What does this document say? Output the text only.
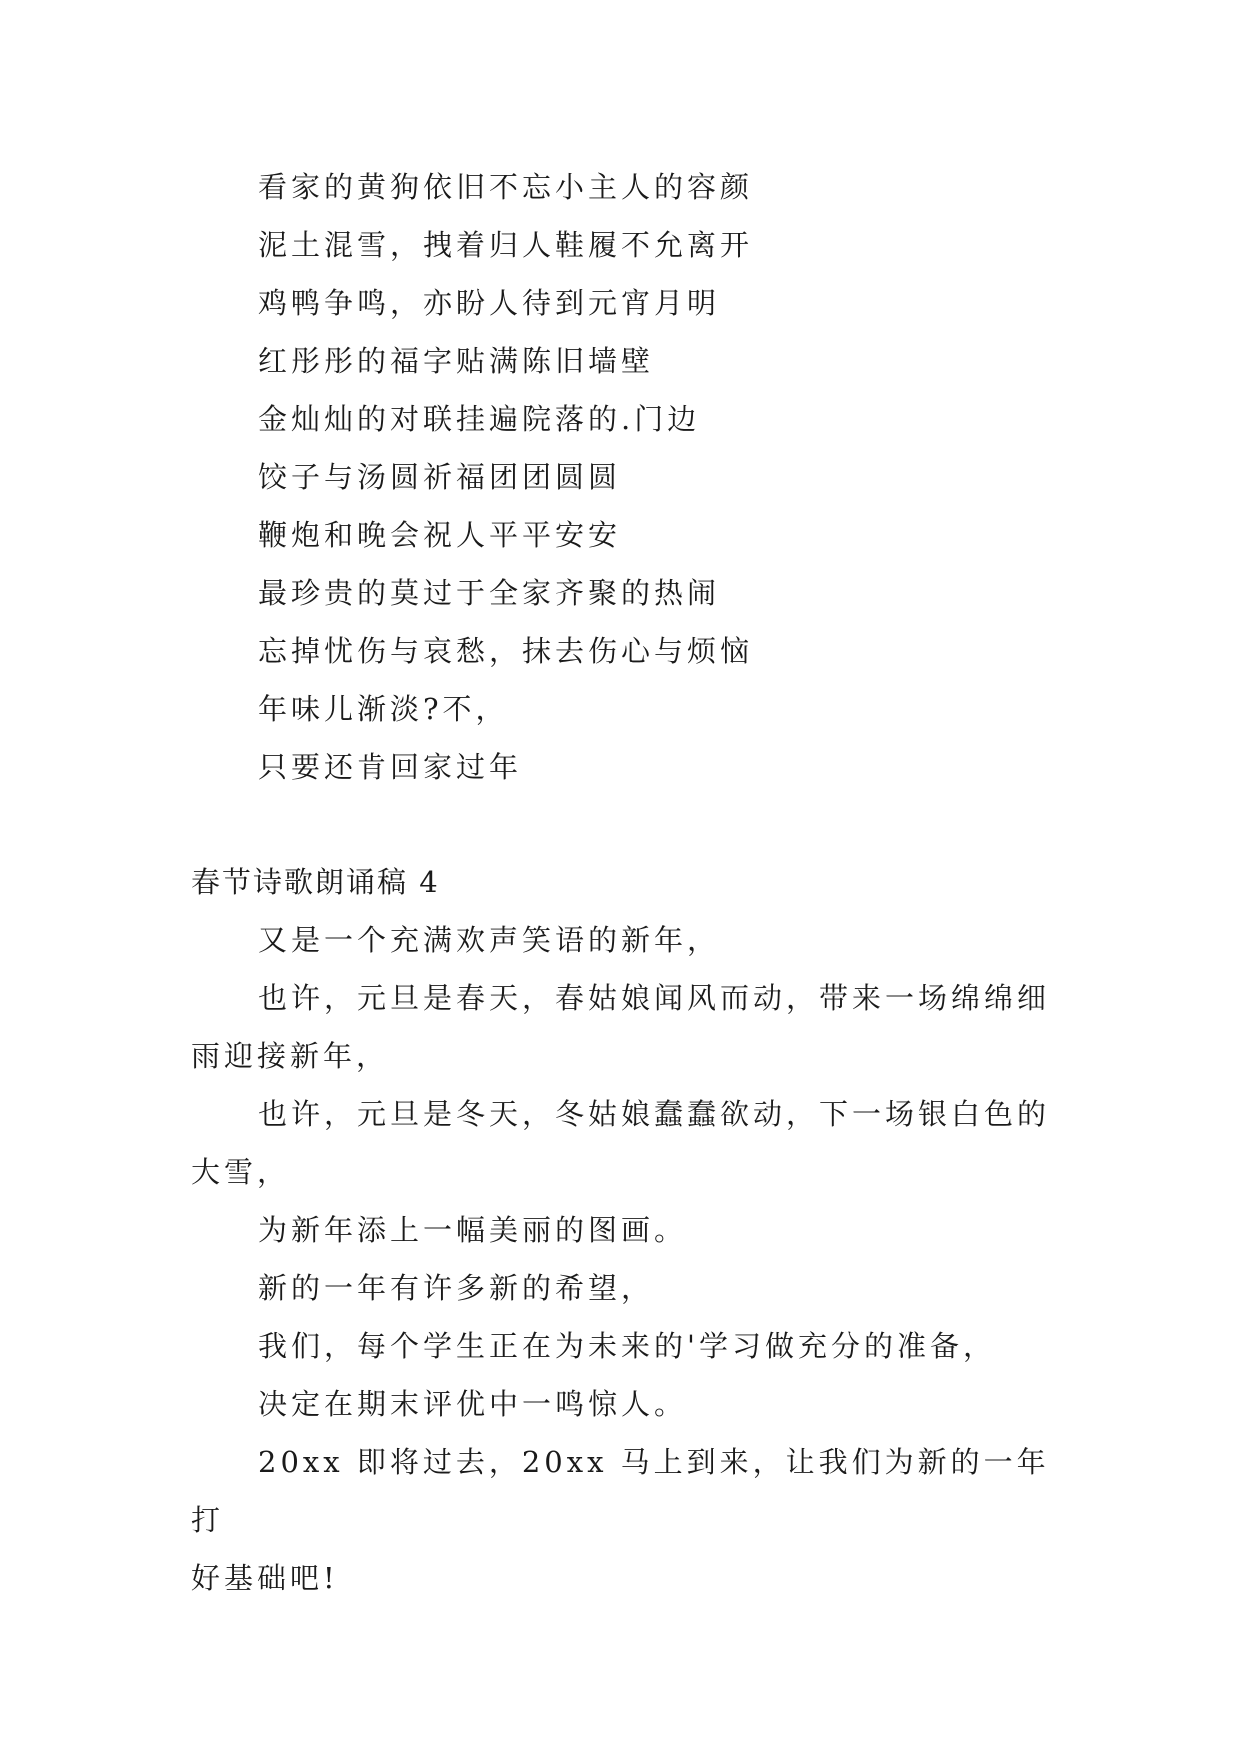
看家的黄狗依旧不忘小主人的容颜
泥土混雪，拽着归人鞋履不允离开
鸡鸭争鸣，亦盼人待到元宵月明
红彤彤的福字贴满陈旧墙壁
金灿灿的对联挂遍院落的.门边
饺子与汤圆祈福团团圆圆
鞭炮和晚会祝人平平安安
最珍贵的莫过于全家齐聚的热闹
忘掉忧伤与哀愁，抹去伤心与烦恼
年味儿渐淡?不，
只要还肯回家过年
春节诗歌朗诵稿 4

又是一个充满欢声笑语的新年，

也许，元旦是春天，春姑娘闻风而动，带来一场绵绵细
雨迎接新年，

也许，元旦是冬天，冬姑娘蠢蠢欲动，下一场银白色的
大雪，

为新年添上一幅美丽的图画。

新的一年有许多新的希望，

我们，每个学生正在为未来的'学习做充分的准备，

决定在期末评优中一鸣惊人。

20xx 即将过去，20xx 马上到来，让我们为新的一年打
好基础吧!
